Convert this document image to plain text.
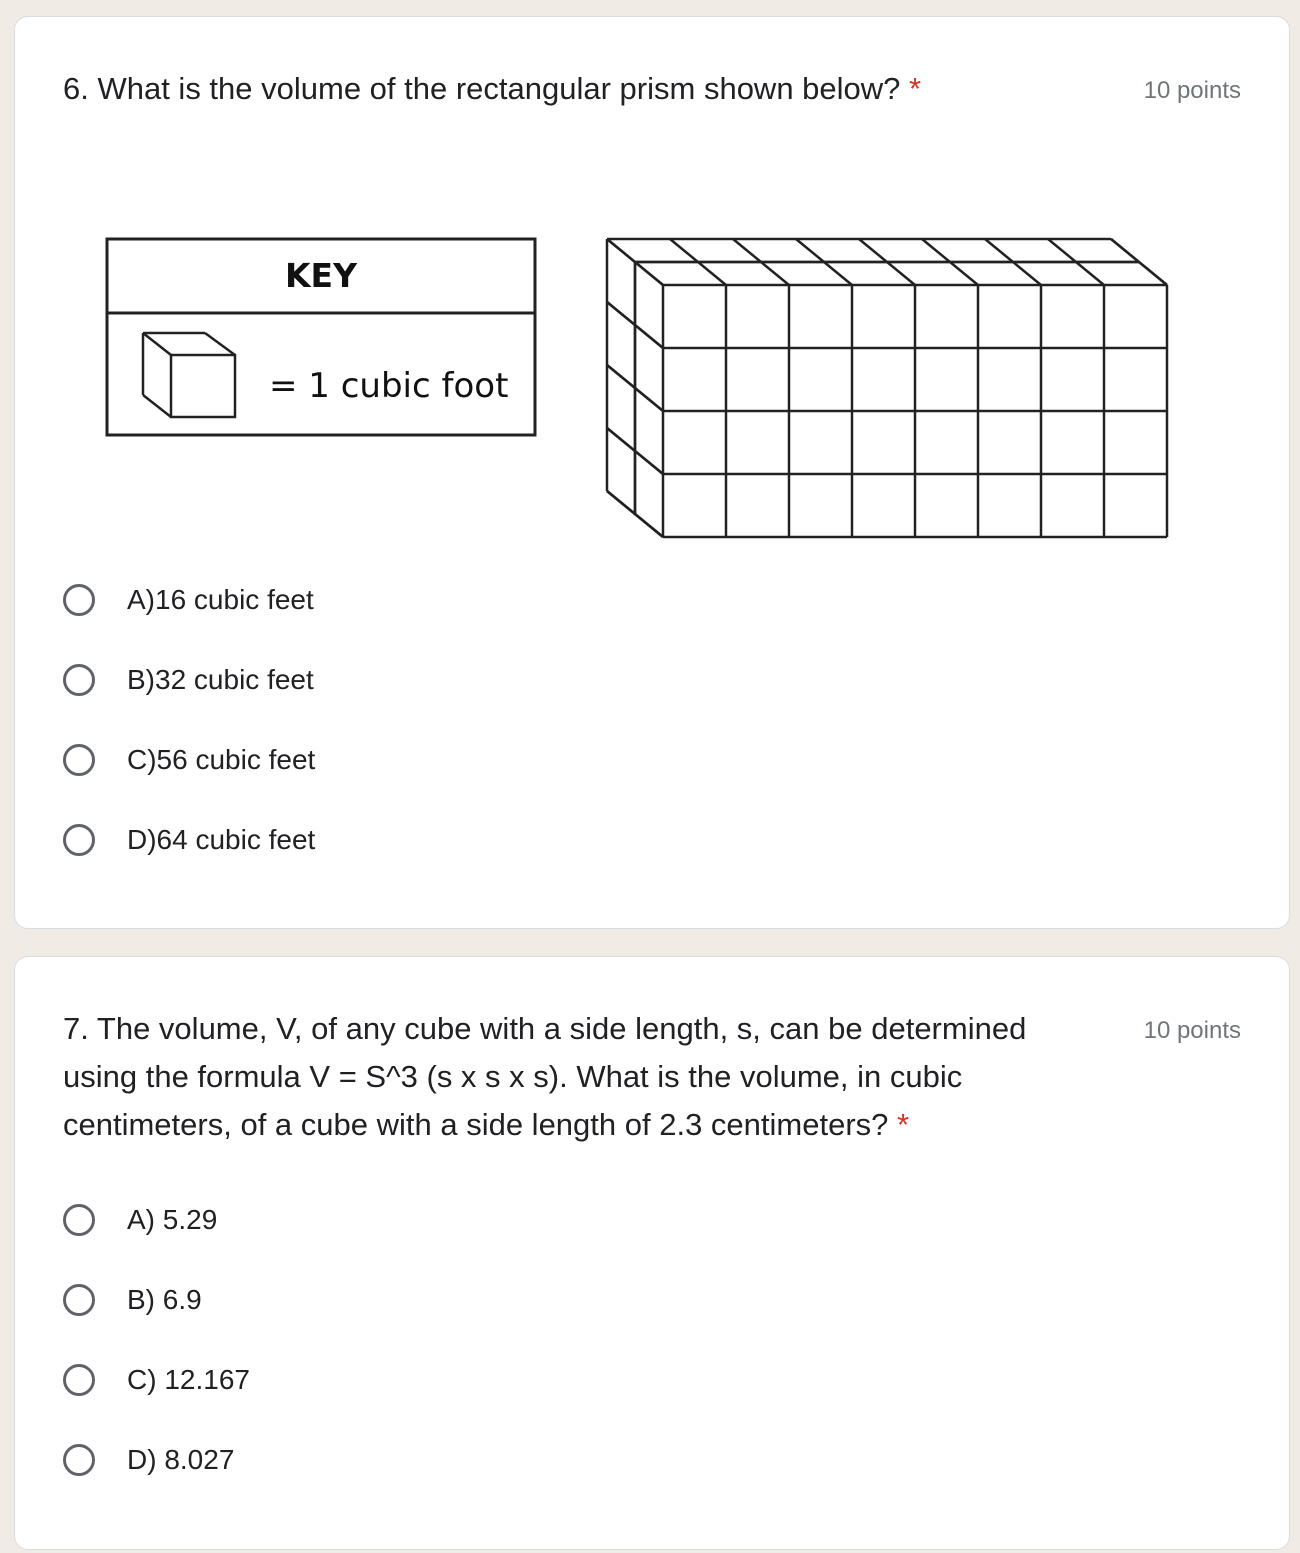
6. What is the volume of the rectangular prism shown below? *	10 points
KEY
= 1 cubic foot
A)16 cubic feet
B)32 cubic feet
C)56 cubic feet
D)64 cubic feet
7. The volume, V, of any cube with a side length, s, can be determined using the formula V = S^3 (s x s x s). What is the volume, in cubic centimeters, of a cube with a side length of 2.3 centimeters? *
10 points
A) 5.29
B) 6.9
C) 12.167
D) 8.027
